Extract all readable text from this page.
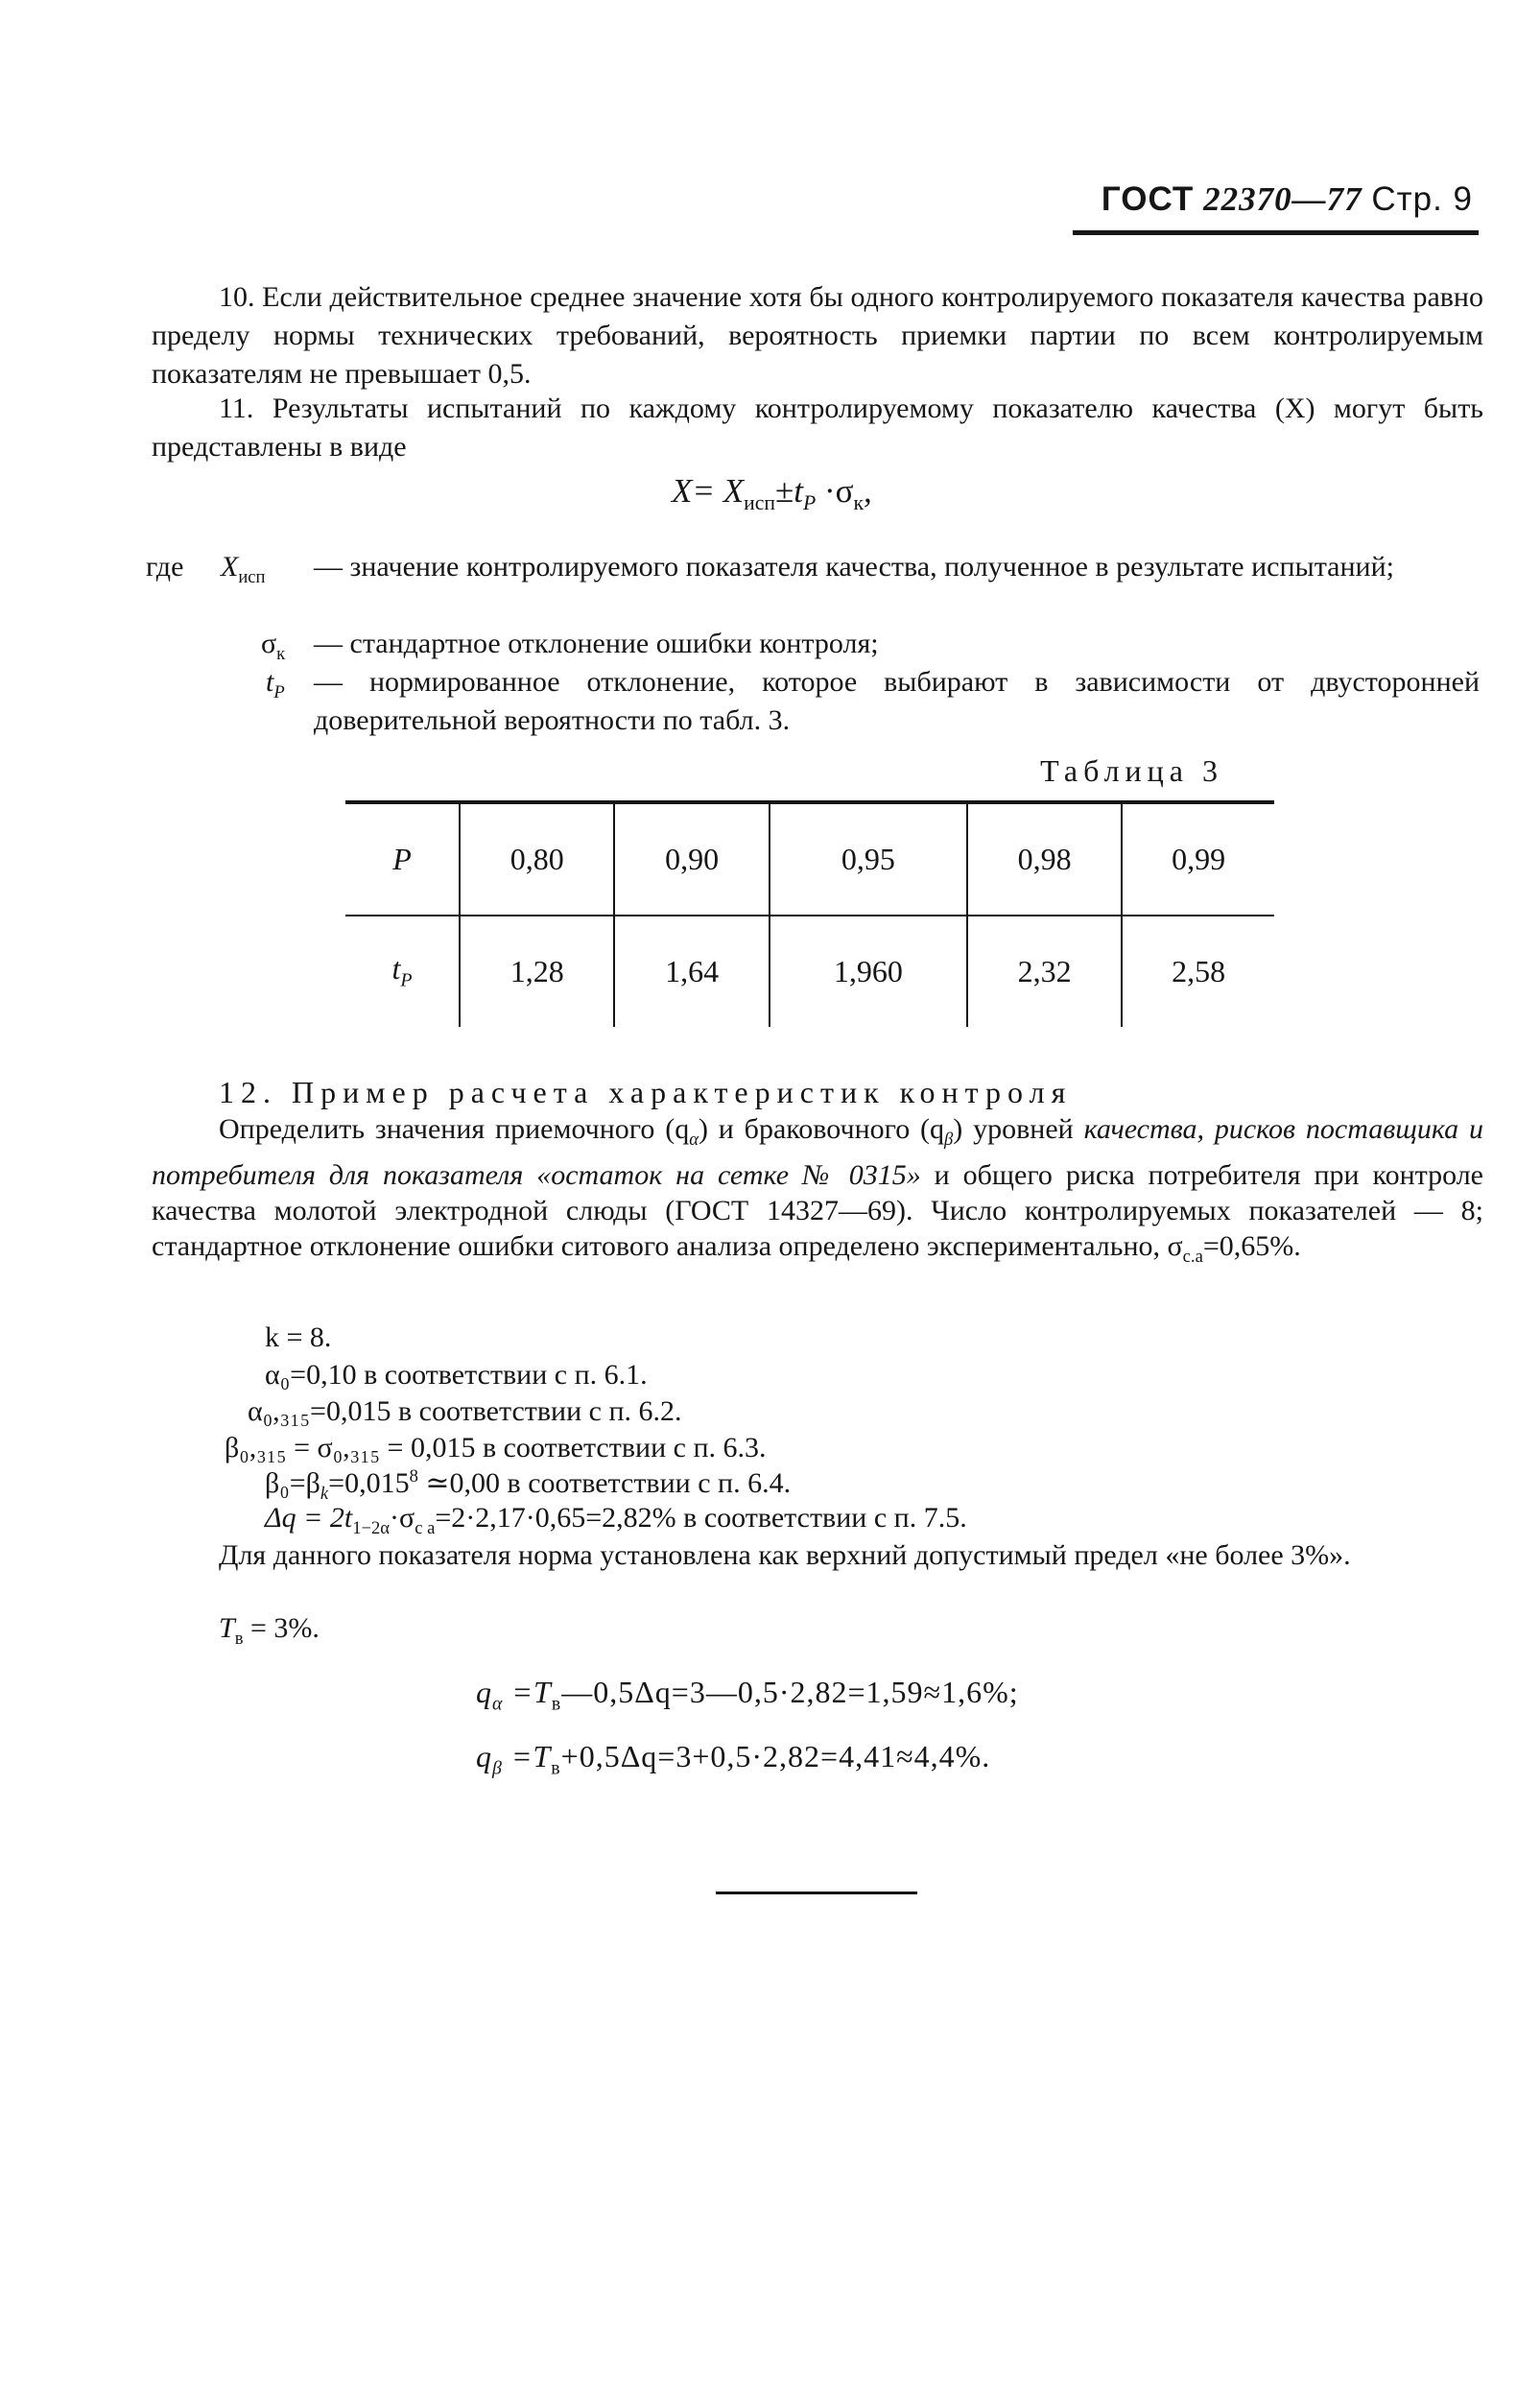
ГОСТ 22370—77 Стр. 9
10. Если действительное среднее значение хотя бы одного контролируемого показателя качества равно пределу нормы технических требований, вероятность приемки партии по всем контролируемым показателям не превышает 0,5.
11. Результаты испытаний по каждому контролируемому показателю качества (X) могут быть представлены в виде
$X= X_{исп}\pm t_P \cdot\sigma_к$,
где $X_{исп}$ — значение контролируемого показателя качества, полученное в результате испытаний;
$\sigma_к$ — стандартное отклонение ошибки контроля;
$t_P$ — нормированное отклонение, которое выбирают в зависимости от двусторонней доверительной вероятности по табл. 3.
Таблица 3
P	0,80	0,90	0,95	0,98	0,99
$t_P$	1,28	1,64	1,960	2,32	2,58
12. Пример расчета характеристик контроля
Определить значения приемочного $(q_\alpha)$ и браковочного $(q_\beta)$ уровней качества, рисков поставщика и потребителя для показателя «остаток на сетке № 0315» и общего риска потребителя при контроле качества молотой электродной слюды (ГОСТ 14327—69). Число контролируемых показателей — 8; стандартное отклонение ошибки ситового анализа определено экспериментально, $\sigma_{с.а}=0,65\%$.
k = 8.
α₀=0,10 в соответствии с п. 6.1.
α₀,₃₁₅=0,015 в соответствии с п. 6.2.
β₀,₃₁₅ = σ₀,₃₁₅ = 0,015 в соответствии с п. 6.3.
$\beta_0=\beta_k=0,015^8$ ≃0,00 в соответствии с п. 6.4.
$\Delta q = 2t_{1-2\alpha}\cdot\sigma_{с а}=2\cdot 2,17\cdot 0,65=2,82\%$ в соответствии с п. 7.5.
Для данного показателя норма установлена как верхний допустимый предел «не более 3%».
$T_в = 3\%$.
$q_\alpha$ $=T_в—0,5\Delta q=3—0,5\cdot 2,82=1,59\approx 1,6\%$;
$q_\beta =T_в+0,5\Delta q=3+0,5\cdot 2,82=4,41\approx 4,4\%$.
